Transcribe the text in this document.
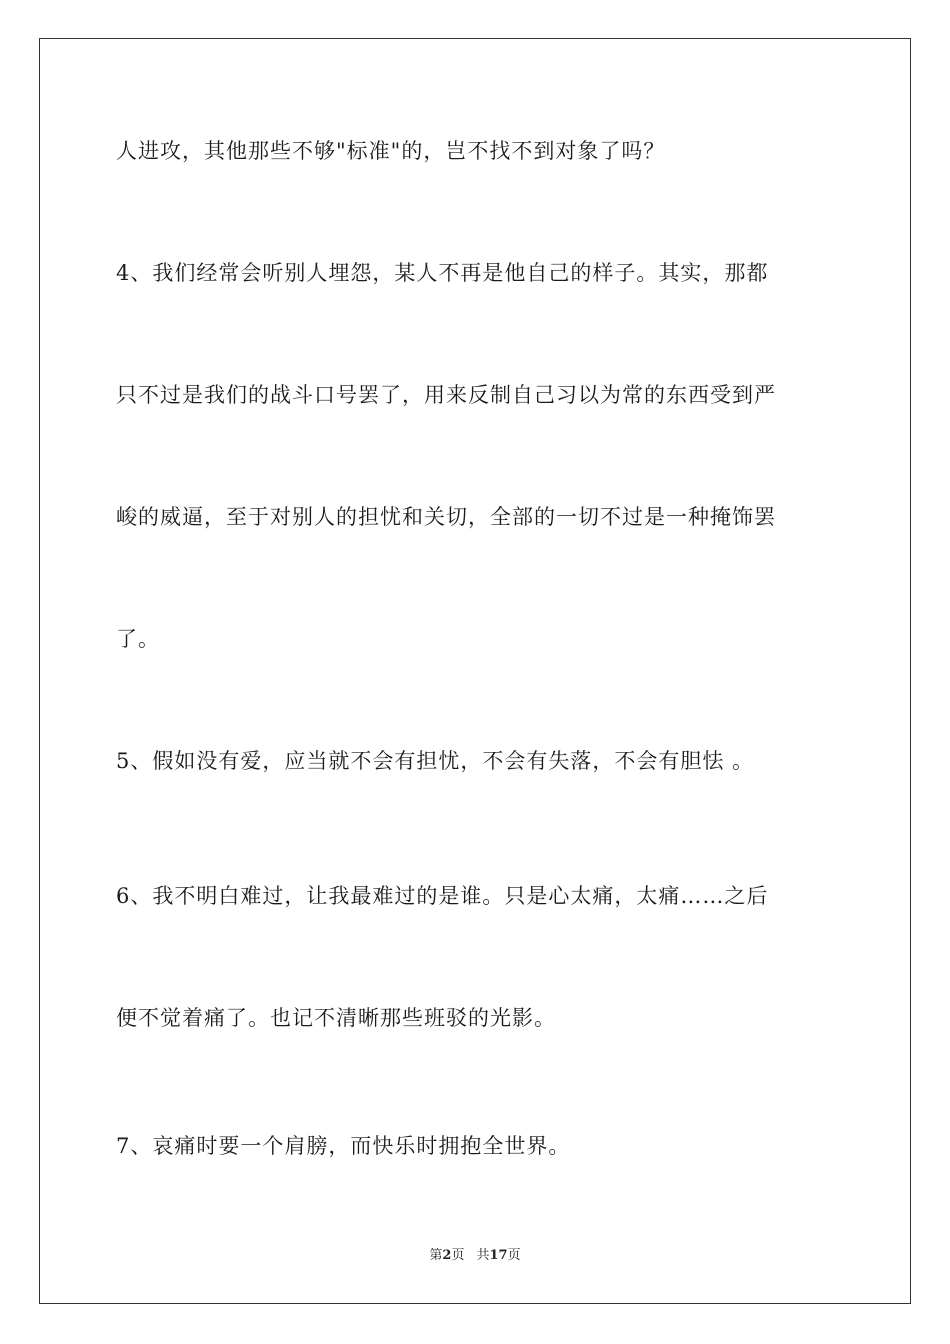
人进攻，其他那些不够"标准"的，岂不找不到对象了吗？
4、我们经常会听别人埋怨，某人不再是他自己的样子。其实，那都
只不过是我们的战斗口号罢了，用来反制自己习以为常的东西受到严
峻的威逼，至于对别人的担忧和关切，全部的一切不过是一种掩饰罢
了。
5、假如没有爱，应当就不会有担忧，不会有失落，不会有胆怯 。
6、我不明白难过，让我最难过的是谁。只是心太痛，太痛……之后
便不觉着痛了。也记不清晰那些班驳的光影。
7、哀痛时要一个肩膀，而快乐时拥抱全世界。
第2页 共17页
